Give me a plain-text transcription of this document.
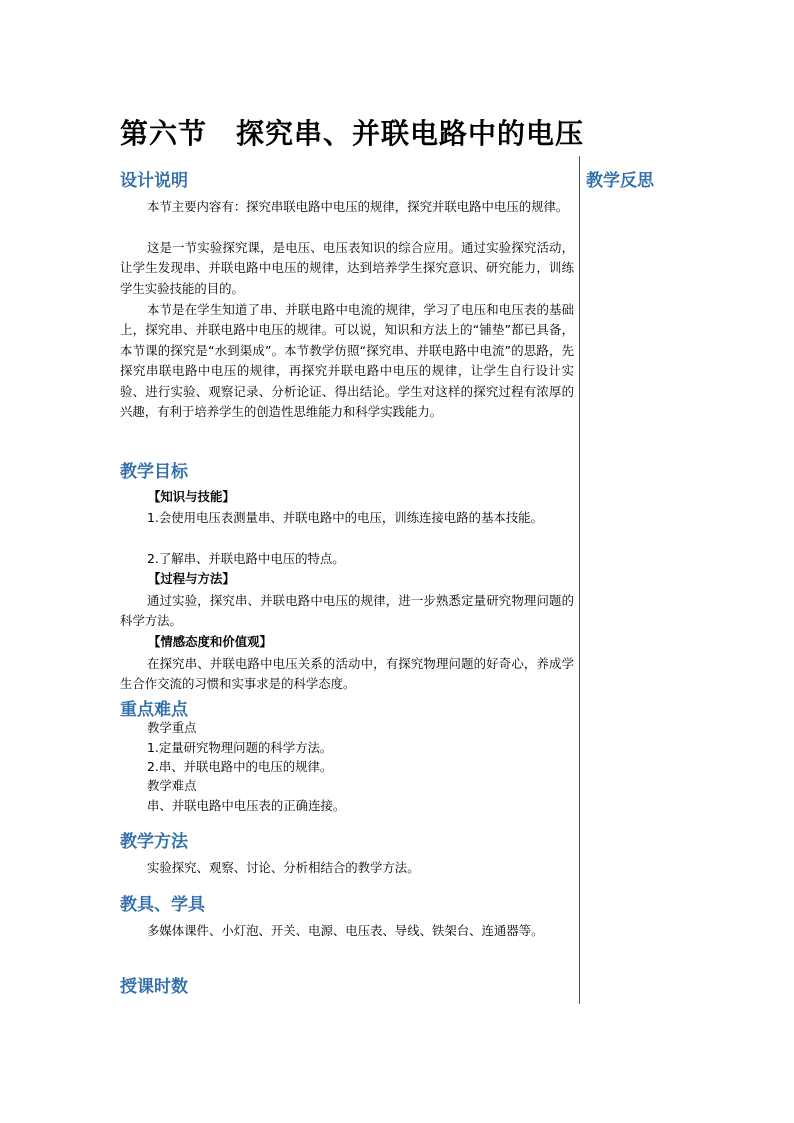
第六节　探究串、并联电路中的电压
教学反思
设计说明

本节主要内容有：探究串联电路中电压的规律，探究并联电路中电压的规律。

这是一节实验探究课，是电压、电压表知识的综合应用。通过实验探究活动，让学生发现串、并联电路中电压的规律，达到培养学生探究意识、研究能力，训练学生实验技能的目的。

本节是在学生知道了串、并联电路中电流的规律，学习了电压和电压表的基础上，探究串、并联电路中电压的规律。可以说，知识和方法上的“铺垫”都已具备，本节课的探究是“水到渠成”。本节教学仿照“探究串、并联电路中电流”的思路，先探究串联电路中电压的规律，再探究并联电路中电压的规律，让学生自行设计实验、进行实验、观察记录、分析论证、得出结论。学生对这样的探究过程有浓厚的兴趣，有利于培养学生的创造性思维能力和科学实践能力。

教学目标
【知识与技能】

1.会使用电压表测量串、并联电路中的电压，训练连接电路的基本技能。

2.了解串、并联电路中电压的特点。

【过程与方法】

通过实验，探究串、并联电路中电压的规律，进一步熟悉定量研究物理问题的科学方法。

【情感态度和价值观】

在探究串、并联电路中电压关系的活动中，有探究物理问题的好奇心，养成学生合作交流的习惯和实事求是的科学态度。

重点难点
教学重点
1.定量研究物理问题的科学方法。
2.串、并联电路中的电压的规律。
教学难点
串、并联电路中电压表的正确连接。
教学方法

实验探究、观察、讨论、分析相结合的教学方法。

教具、学具

多媒体课件、小灯泡、开关、电源、电压表、导线、铁架台、连通器等。

授课时数
